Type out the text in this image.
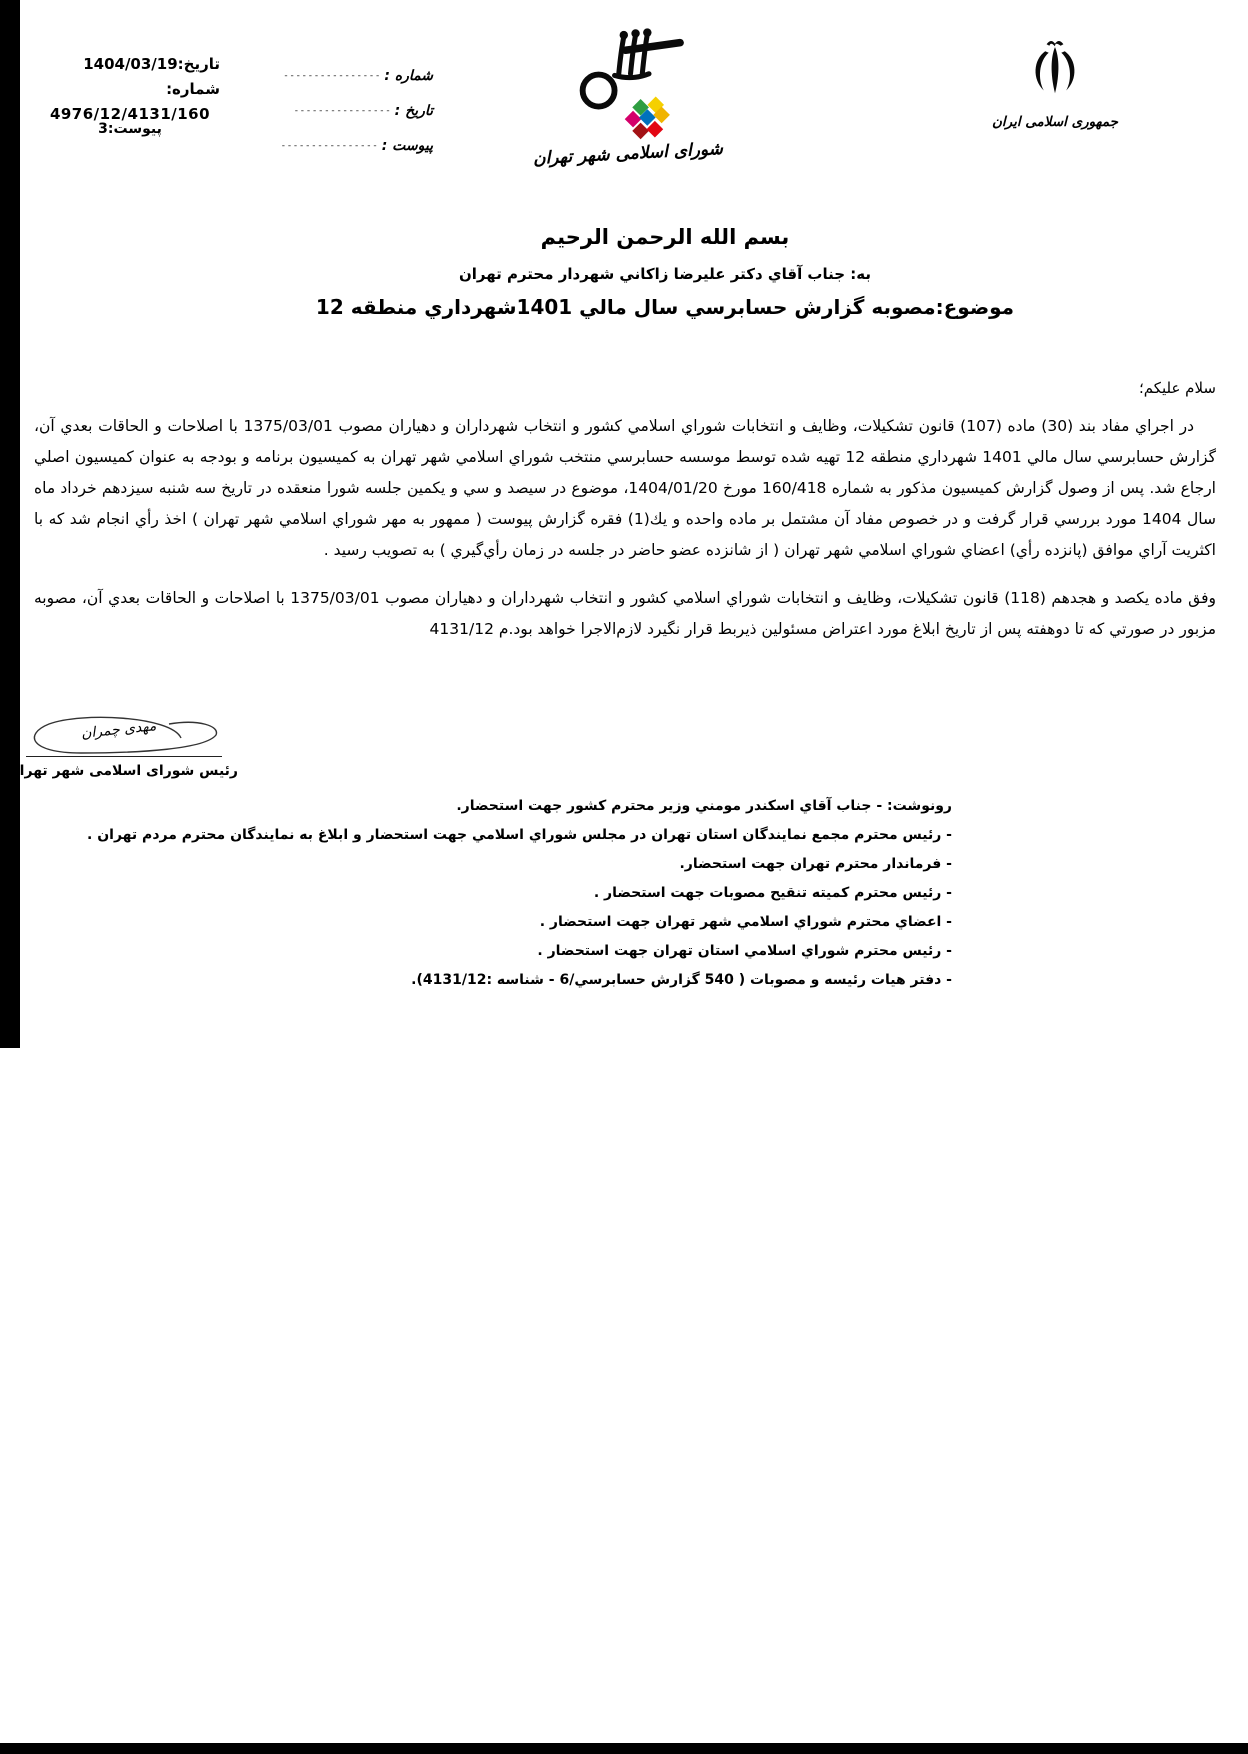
تاریخ:1404/03/19
شماره:
4976/12/4131/160
پیوست:3
شماره : - - - - - - - - - - - - - - - -
تاریخ : - - - - - - - - - - - - - - - -
پیوست : - - - - - - - - - - - - - - - -	شورای اسلامی شهر تهران
جمهوری اسلامی ایران
بسم الله الرحمن الرحیم
به: جناب آقاي دكتر علیرضا زاكاني شهردار محترم تهران
موضوع:مصوبه گزارش حسابرسي سال مالي 1401شهرداري منطقه 12
سلام علیكم؛

در اجراي مفاد بند (30) ماده (107) قانون تشكیلات، وظایف و انتخابات شوراي اسلامي كشور و انتخاب شهرداران و دهیاران مصوب 1375/03/01 با اصلاحات و الحاقات بعدي آن، گزارش حسابرسي سال مالي 1401 شهرداري منطقه 12 تهیه شده توسط موسسه حسابرسي منتخب شوراي اسلامي شهر تهران به كمیسیون برنامه و بودجه به عنوان كمیسیون اصلي ارجاع شد. پس از وصول گزارش كمیسیون مذكور به شماره 160/418 مورخ 1404/01/20، موضوع در سیصد و سي و یكمین جلسه شورا منعقده در تاریخ سه شنبه سیزدهم خرداد ماه سال 1404 مورد بررسي قرار گرفت و در خصوص مفاد آن مشتمل بر ماده واحده و یك(1) فقره گزارش پیوست ( ممهور به مهر شوراي اسلامي شهر تهران ) اخذ رأي انجام شد كه با اكثریت آراي موافق (پانزده رأي) اعضاي شوراي اسلامي شهر تهران ( از شانزده عضو حاضر در جلسه در زمان رأي‌گیري ) به تصویب رسید .

وفق ماده یكصد و هجدهم (118) قانون تشكیلات، وظایف و انتخابات شوراي اسلامي كشور و انتخاب شهرداران و دهیاران مصوب 1375/03/01 با اصلاحات و الحاقات بعدي آن، مصوبه مزبور در صورتي كه تا دوهفته پس از تاریخ ابلاغ مورد اعتراض مسئولین ذیربط قرار نگیرد لازم‌الاجرا خواهد بود.م 4131/12

مهدی چمران
رئیس شورای اسلامی شهر تهران
رونوشت: - جناب آقاي اسكندر مومني وزیر محترم كشور جهت استحضار.
- رئیس محترم مجمع نمایندگان استان تهران در مجلس شوراي اسلامي جهت استحضار و ابلاغ به نمایندگان محترم مردم تهران .
- فرماندار محترم تهران جهت استحضار.
- رئیس محترم كمیته تنقیح مصوبات جهت استحضار .
- اعضاي محترم شوراي اسلامي شهر تهران جهت استحضار .
- رئیس محترم شوراي اسلامي استان تهران جهت استحضار .
- دفتر هیات رئیسه و مصوبات ( 540 گزارش حسابرسي/6 - شناسه :4131/12).
